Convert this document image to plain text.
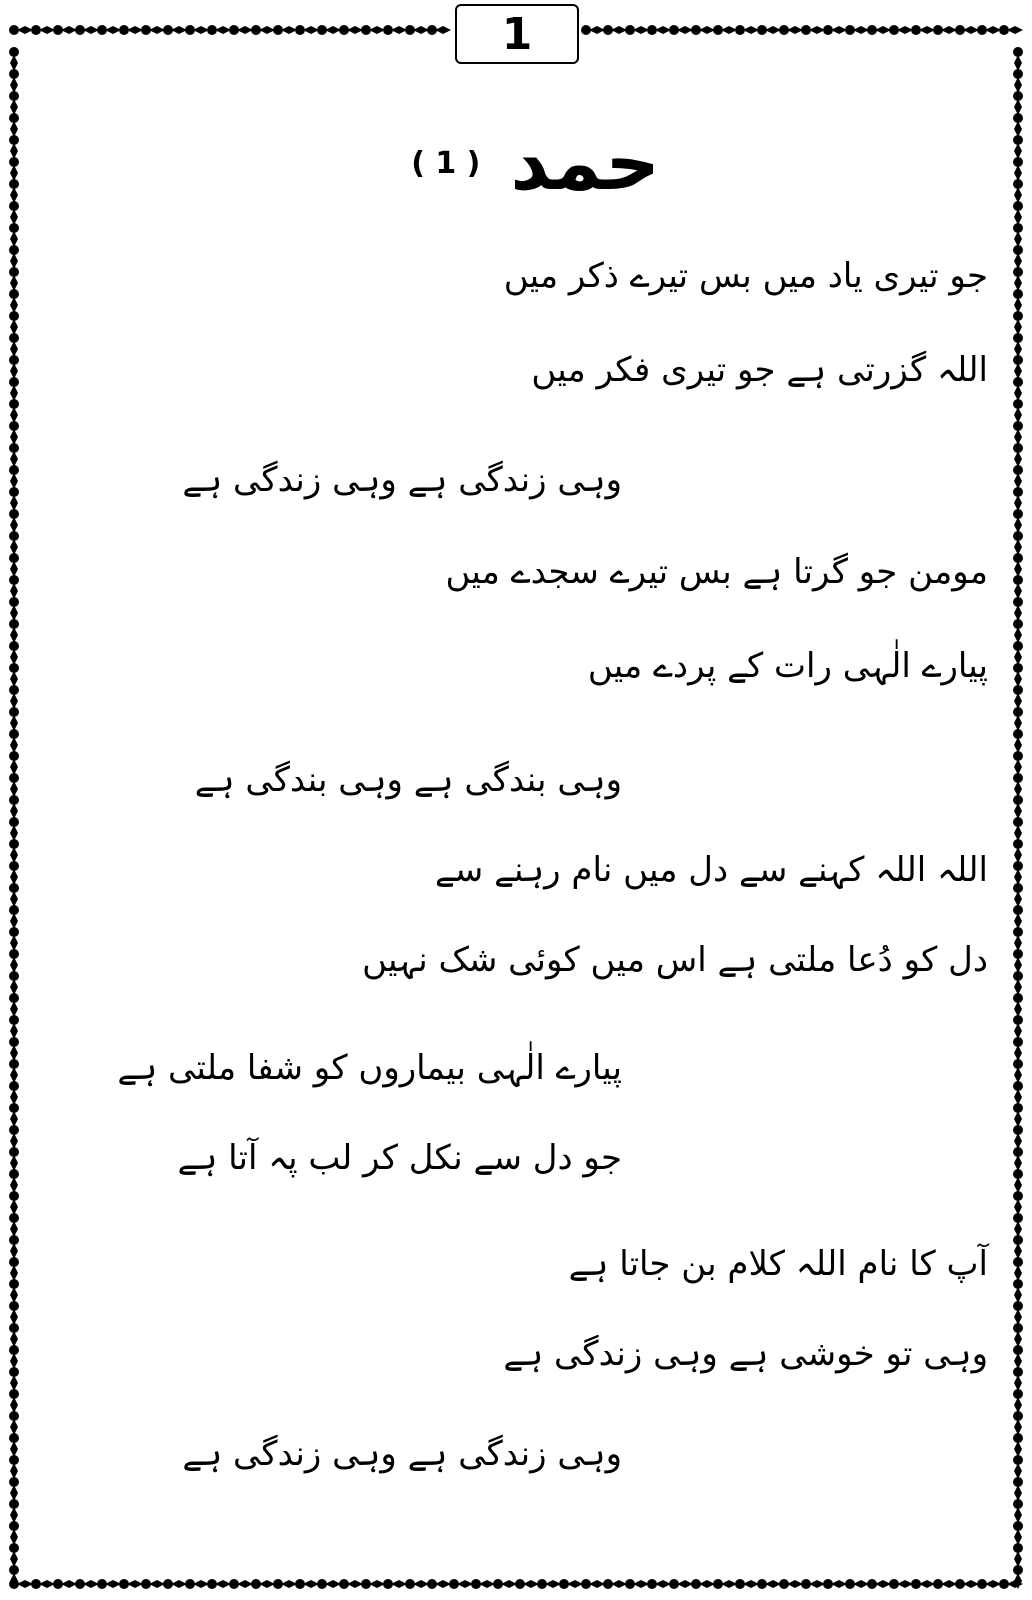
1
حمد
( 1 )
جو تیری یاد میں بس تیرے ذکر میں
اللہ گزرتی ہے جو تیری فکر میں
وہی زندگی ہے وہی زندگی ہے
مومن جو گرتا ہے بس تیرے سجدے میں
پیارے الٰہی رات کے پردے میں
وہی بندگی ہے وہی بندگی ہے
اللہ اللہ کہنے سے دل میں نام رہنے سے
دل کو دُعا ملتی ہے اس میں کوئی شک نہیں
پیارے الٰہی بیماروں کو شفا ملتی ہے
جو دل سے نکل کر لب پہ آتا ہے
آپ کا نام اللہ کلام بن جاتا ہے
وہی تو خوشی ہے وہی زندگی ہے
وہی زندگی ہے وہی زندگی ہے
